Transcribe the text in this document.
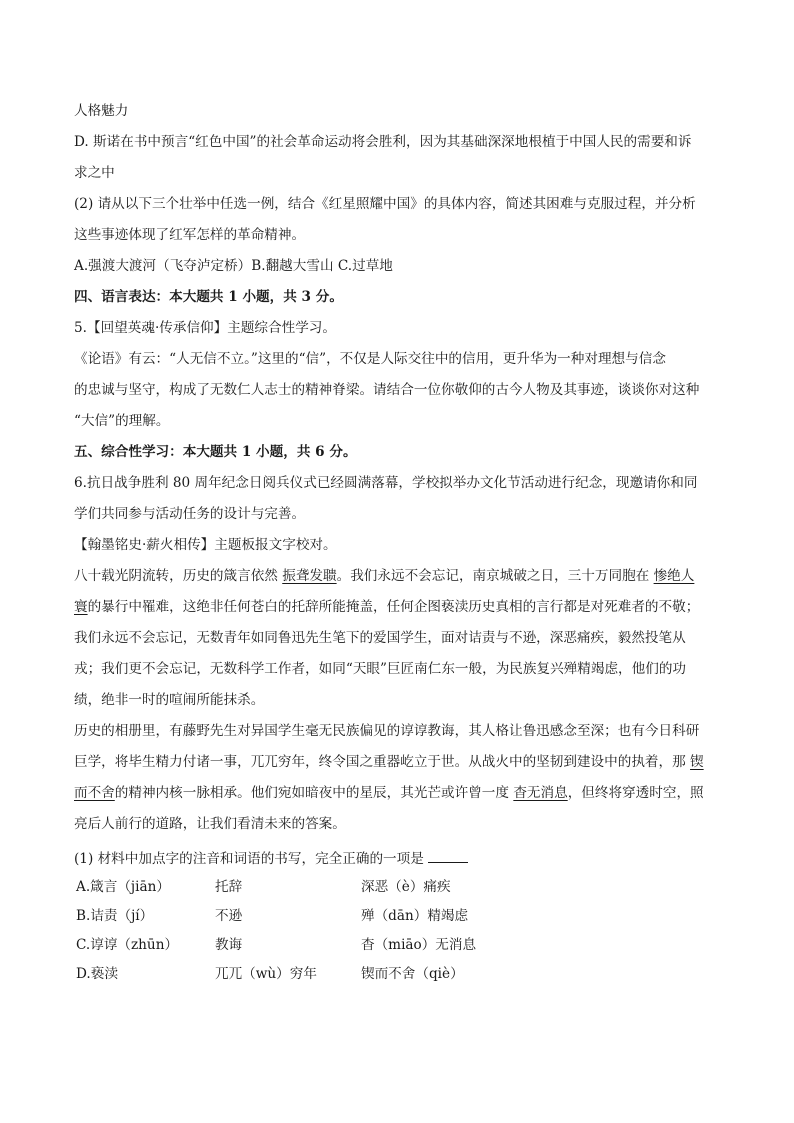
人格魅力
D. 斯诺在书中预言“红色中国”的社会革命运动将会胜利，因为其基础深深地根植于中国人民的需要和诉
求之中
(2) 请从以下三个壮举中任选一例，结合《红星照耀中国》的具体内容，简述其困难与克服过程，并分析
这些事迹体现了红军怎样的革命精神。
A.强渡大渡河（飞夺泸定桥）B.翻越大雪山 C.过草地
四、语言表达：本大题共 1 小题，共 3 分。
5.【回望英魂·传承信仰】主题综合性学习。
《论语》有云：“人无信不立。”这里的“信”，不仅是人际交往中的信用，更升华为一种对理想与信念
的忠诚与坚守，构成了无数仁人志士的精神脊梁。请结合一位你敬仰的古今人物及其事迹，谈谈你对这种
“大信”的理解。
五、综合性学习：本大题共 1 小题，共 6 分。
6.抗日战争胜利 80 周年纪念日阅兵仪式已经圆满落幕，学校拟举办文化节活动进行纪念，现邀请你和同
学们共同参与活动任务的设计与完善。
【翰墨铭史·薪火相传】主题板报文字校对。
八十载光阴流转，历史的箴言依然 振聋发聩。我们永远不会忘记，南京城破之日，三十万同胞在 惨绝人
寰的暴行中罹难，这绝非任何苍白的托辞所能掩盖，任何企图亵渎历史真相的言行都是对死难者的不敬；
我们永远不会忘记，无数青年如同鲁迅先生笔下的爱国学生，面对诘责与不逊，深恶痛疾，毅然投笔从
戎；我们更不会忘记，无数科学工作者，如同“天眼”巨匠南仁东一般，为民族复兴殚精竭虑，他们的功
绩，绝非一时的喧闹所能抹杀。
历史的相册里，有藤野先生对异国学生毫无民族偏见的谆谆教诲，其人格让鲁迅感念至深；也有今日科研
巨学，将毕生精力付诸一事，兀兀穷年，终令国之重器屹立于世。从战火中的坚韧到建设中的执着，那 锲
而不舍的精神内核一脉相承。他们宛如暗夜中的星辰，其光芒或许曾一度 杳无消息，但终将穿透时空，照
亮后人前行的道路，让我们看清未来的答案。
(1) 材料中加点字的注音和词语的书写，完全正确的一项是
A.箴言（jiān）	托辞	深恶（è）痛疾
B.诘责（jí）	不逊	殚（dān）精竭虑
C.谆谆（zhūn）	教诲	杳（miāo）无消息
D.亵渎	兀兀（wù）穷年	锲而不舍（qiè）
